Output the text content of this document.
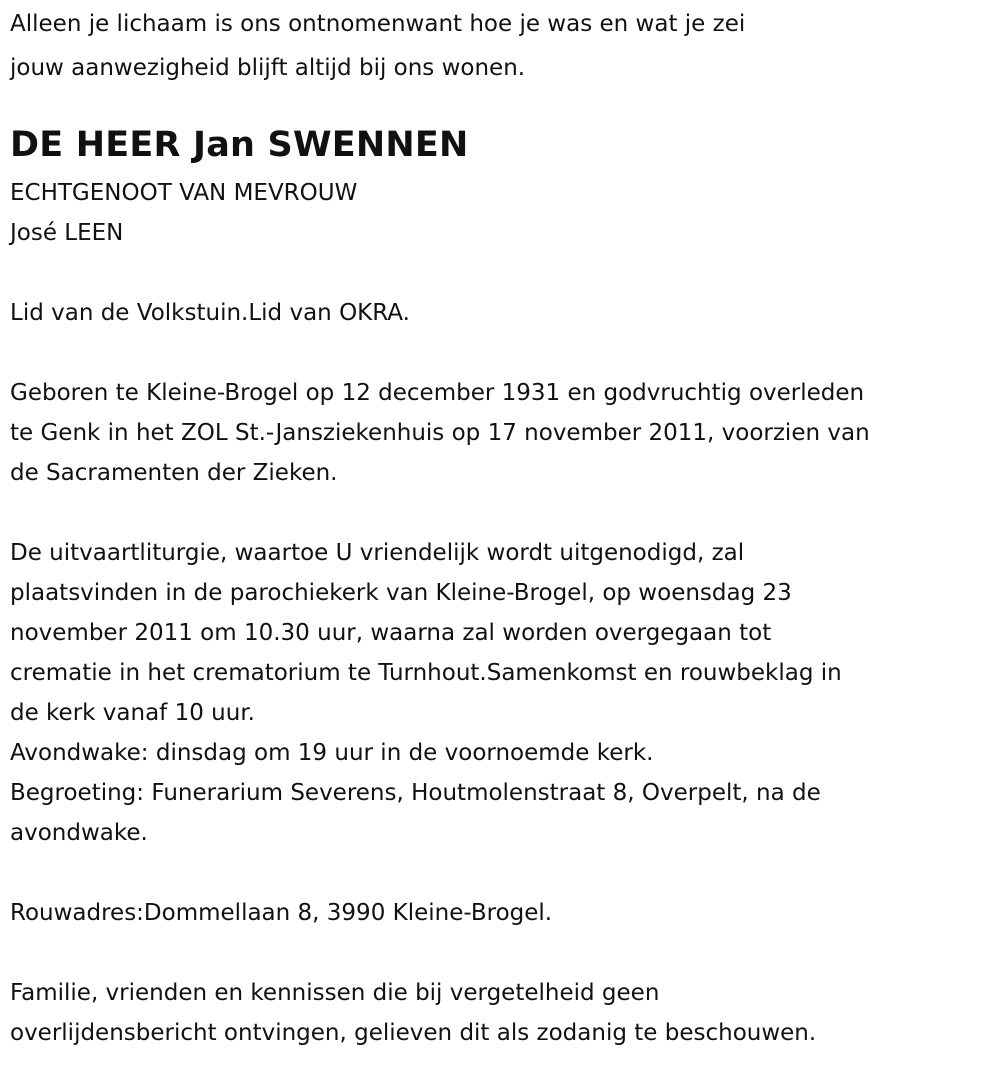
Alleen je lichaam is ons ontnomenwant hoe je was en wat je zei
jouw aanwezigheid blijft altijd bij ons wonen.
DE HEER Jan SWENNEN
ECHTGENOOT VAN MEVROUW
José LEEN
Lid van de Volkstuin.Lid van OKRA.
Geboren te Kleine-Brogel op 12 december 1931 en godvruchtig overleden
te Genk in het ZOL St.-Jansziekenhuis op 17 november 2011, voorzien van
de Sacramenten der Zieken.
De uitvaartliturgie, waartoe U vriendelijk wordt uitgenodigd, zal
plaatsvinden in de parochiekerk van Kleine-Brogel, op woensdag 23
november 2011 om 10.30 uur, waarna zal worden overgegaan tot
crematie in het crematorium te Turnhout.Samenkomst en rouwbeklag in
de kerk vanaf 10 uur.
Avondwake: dinsdag om 19 uur in de voornoemde kerk.
Begroeting: Funerarium Severens, Houtmolenstraat 8, Overpelt, na de
avondwake.
Rouwadres:Dommellaan 8, 3990 Kleine-Brogel.
Familie, vrienden en kennissen die bij vergetelheid geen
overlijdensbericht ontvingen, gelieven dit als zodanig te beschouwen.
